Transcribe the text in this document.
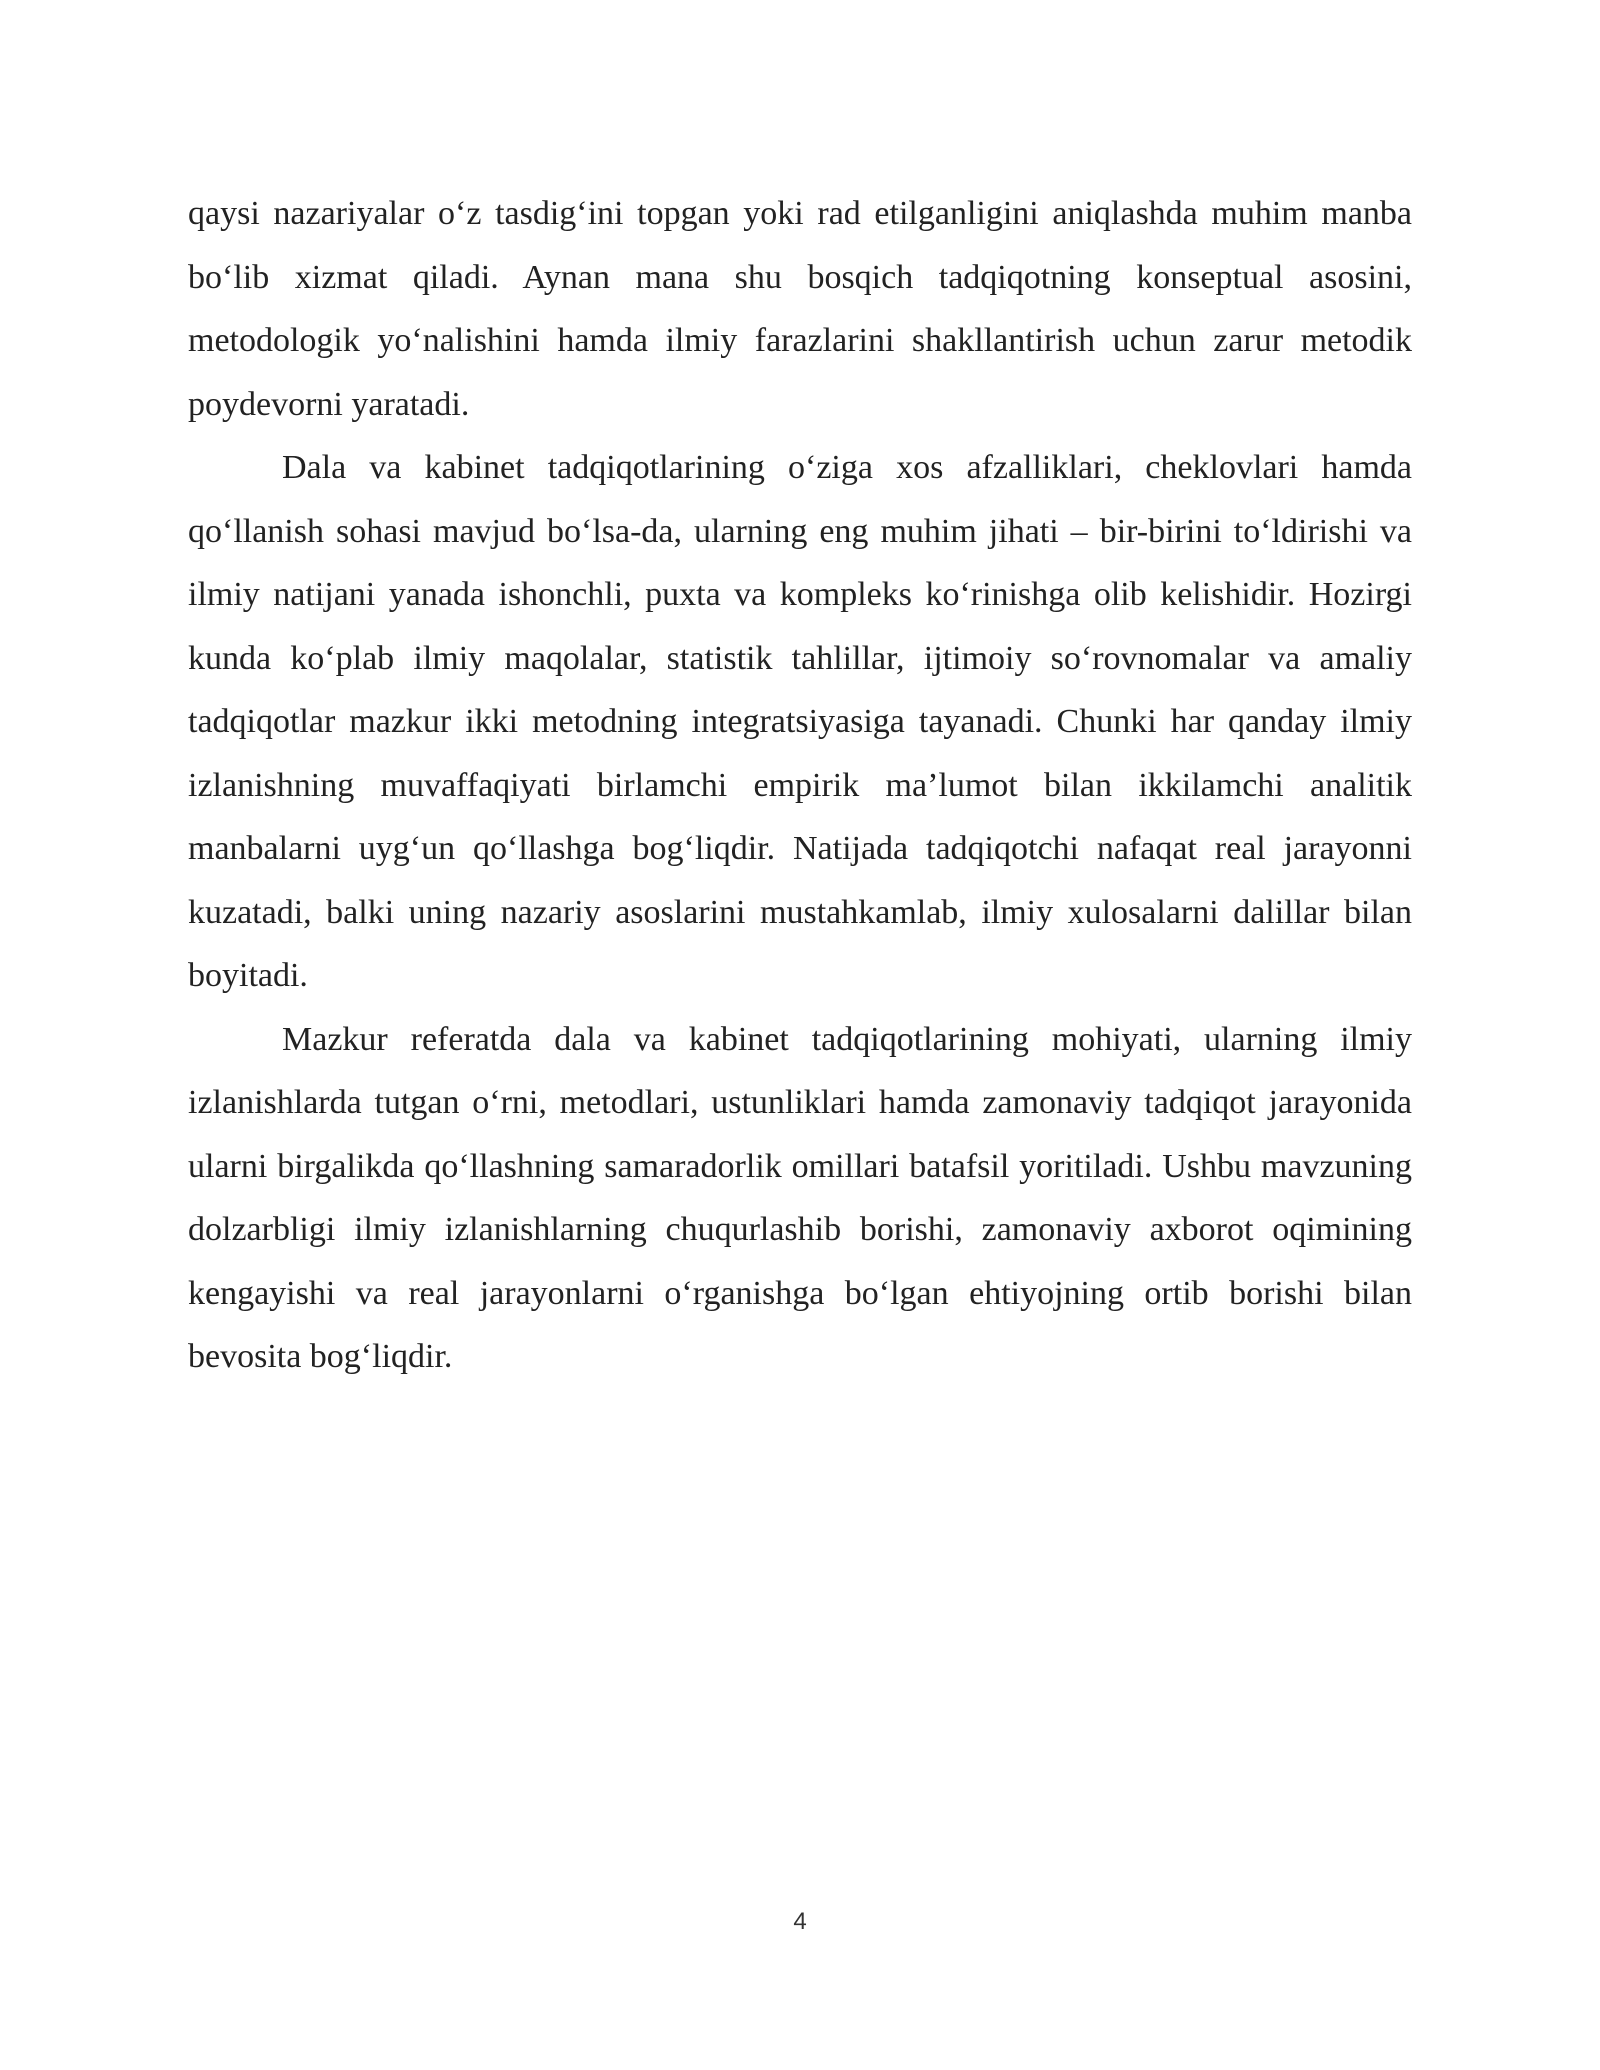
qaysi nazariyalar o‘z tasdig‘ini topgan yoki rad etilganligini aniqlashda muhim manba bo‘lib xizmat qiladi. Aynan mana shu bosqich tadqiqotning konseptual asosini, metodologik yo‘nalishini hamda ilmiy farazlarini shakllantirish uchun zarur metodik poydevorni yaratadi.

Dala va kabinet tadqiqotlarining o‘ziga xos afzalliklari, cheklovlari hamda qo‘llanish sohasi mavjud bo‘lsa-da, ularning eng muhim jihati – bir-birini to‘ldirishi va ilmiy natijani yanada ishonchli, puxta va kompleks ko‘rinishga olib kelishidir. Hozirgi kunda ko‘plab ilmiy maqolalar, statistik tahlillar, ijtimoiy so‘rovnomalar va amaliy tadqiqotlar mazkur ikki metodning integratsiyasiga tayanadi. Chunki har qanday ilmiy izlanishning muvaffaqiyati birlamchi empirik ma’lumot bilan ikkilamchi analitik manbalarni uyg‘un qo‘llashga bog‘liqdir. Natijada tadqiqotchi nafaqat real jarayonni kuzatadi, balki uning nazariy asoslarini mustahkamlab, ilmiy xulosalarni dalillar bilan boyitadi.

Mazkur referatda dala va kabinet tadqiqotlarining mohiyati, ularning ilmiy izlanishlarda tutgan o‘rni, metodlari, ustunliklari hamda zamonaviy tadqiqot jarayonida ularni birgalikda qo‘llashning samaradorlik omillari batafsil yoritiladi. Ushbu mavzuning dolzarbligi ilmiy izlanishlarning chuqurlashib borishi, zamonaviy axborot oqimining kengayishi va real jarayonlarni o‘rganishga bo‘lgan ehtiyojning ortib borishi bilan bevosita bog‘liqdir.

4
